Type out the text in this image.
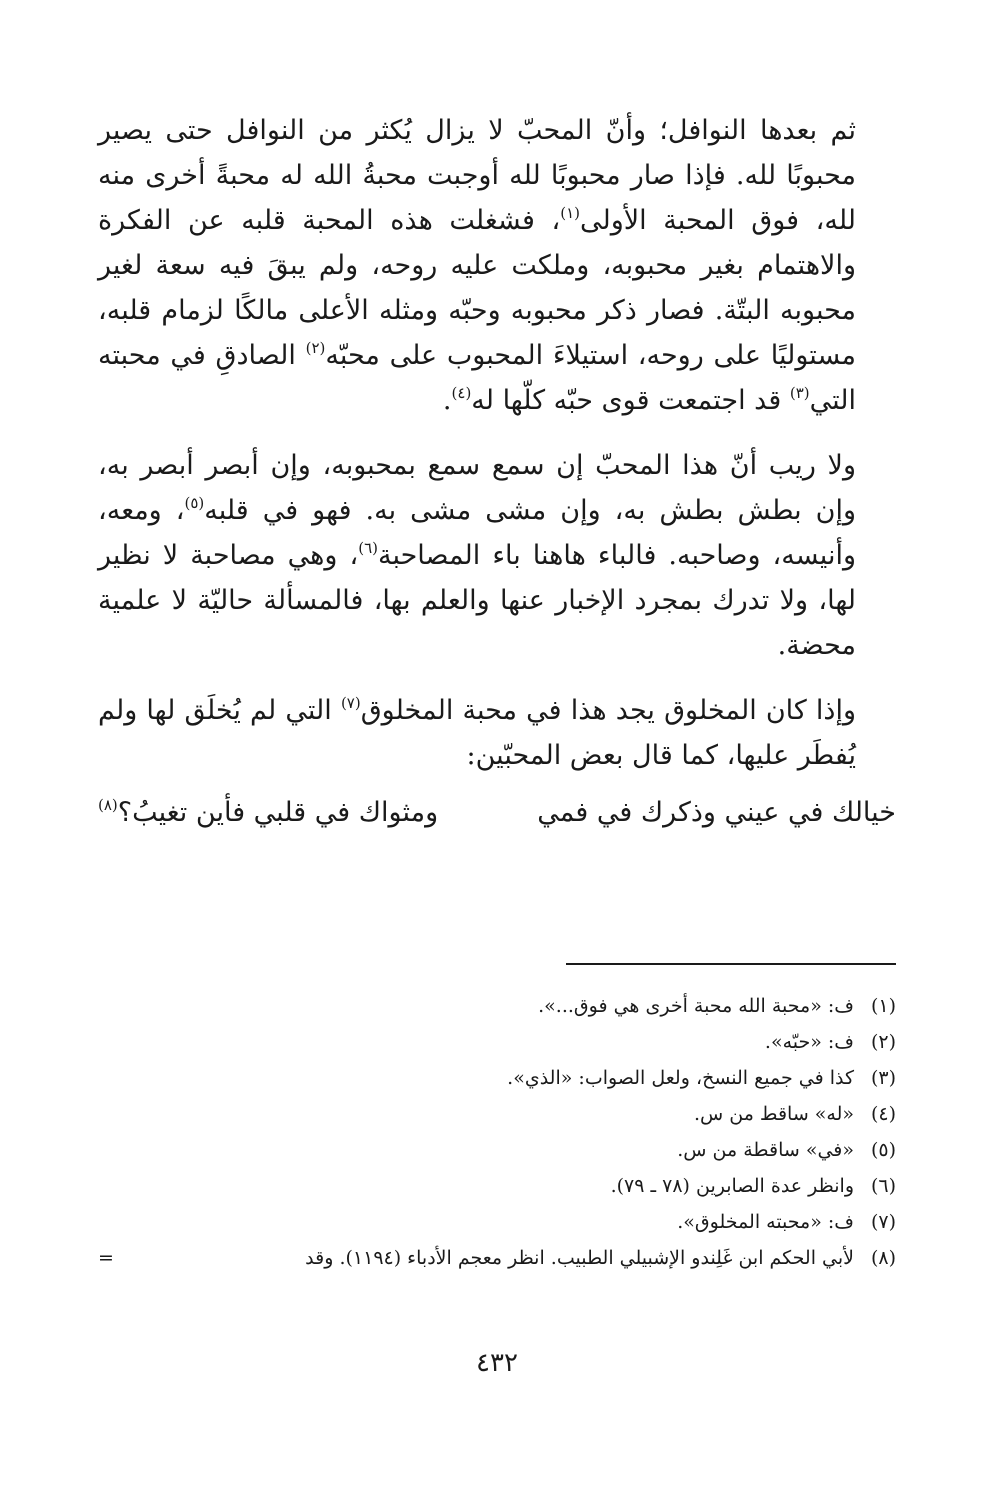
ثم بعدها النوافل؛ وأنّ المحبّ لا يزال يُكثر من النوافل حتى يصير محبوبًا لله. فإذا صار محبوبًا لله أوجبت محبةُ الله له محبةً أخرى منه لله، فوق المحبة الأولى$^{(١)}$، فشغلت هذه المحبة قلبه عن الفكرة والاهتمام بغير محبوبه، وملكت عليه روحه، ولم يبقَ فيه سعة لغير محبوبه البتّة. فصار ذكر محبوبه وحبّه ومثله الأعلى مالكًا لزمام قلبه، مستوليًا على روحه، استيلاءَ المحبوب على محبّه$^{(٢)}$ الصادقِ في محبته التي$^{(٣)}$ قد اجتمعت قوى حبّه كلّها له$^{(٤)}$.

ولا ريب أنّ هذا المحبّ إن سمع سمع بمحبوبه، وإن أبصر أبصر به، وإن بطش بطش به، وإن مشى مشى به. فهو في قلبه$^{(٥)}$، ومعه، وأنيسه، وصاحبه. فالباء هاهنا باء المصاحبة$^{(٦)}$، وهي مصاحبة لا نظير لها، ولا تدرك بمجرد الإخبار عنها والعلم بها، فالمسألة حاليّة لا علمية محضة.

وإذا كان المخلوق يجد هذا في محبة المخلوق$^{(٧)}$ التي لم يُخلَق لها ولم يُفطَر عليها، كما قال بعض المحبّين:

خيالك في عيني وذكرك في فمي
ومثواك في قلبي فأين تغيبُ؟$^{(٨)}$
(١)
ف: «محبة الله محبة أخرى هي فوق...».
(٢)
ف: «حبّه».
(٣)
كذا في جميع النسخ، ولعل الصواب: «الذي».
(٤)
«له» ساقط من س.
(٥)
«في» ساقطة من س.
(٦)
وانظر عدة الصابرين (٧٨ ـ ٧٩).
(٧)
ف: «محبته المخلوق».
(٨)
لأبي الحكم ابن غَلِندو الإشبيلي الطبيب. انظر معجم الأدباء (١١٩٤). وقد
=
٤٣٢
